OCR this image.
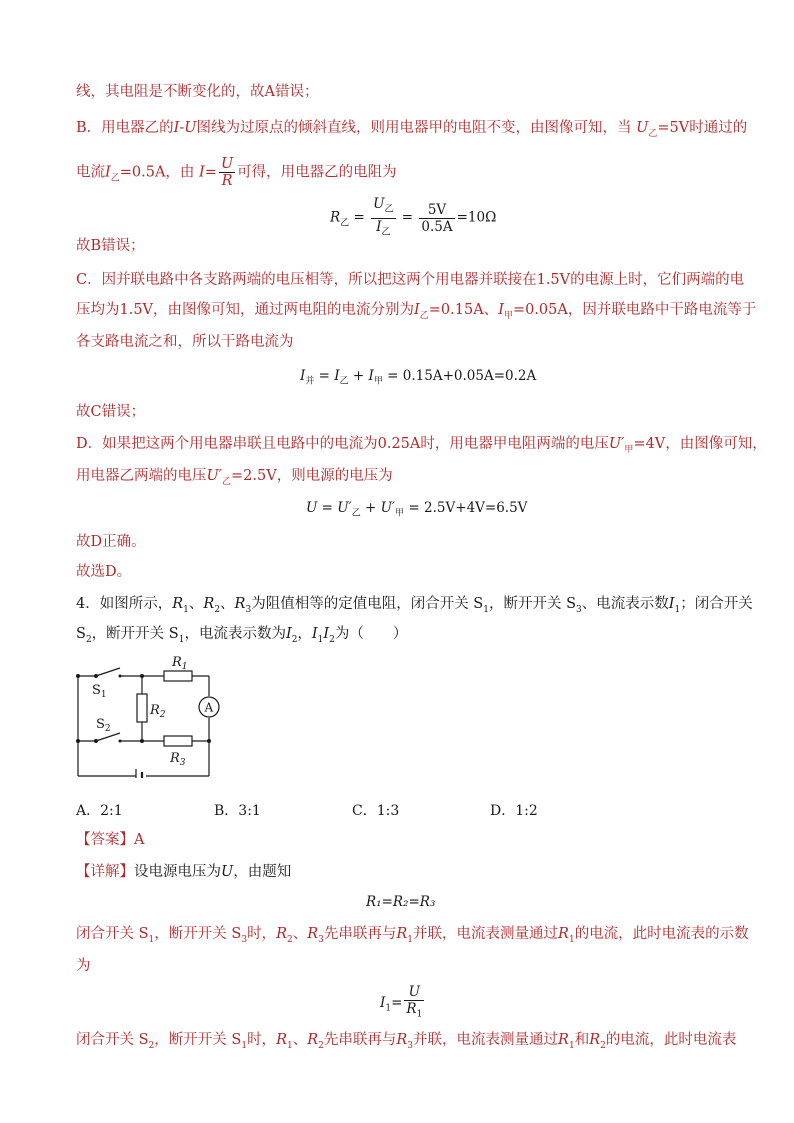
线，其电阻是不断变化的，故A错误；
B．用电器乙的I-U图线为过原点的倾斜直线，则用电器甲的电阻不变，由图像可知，当 $U_乙=5V$时通过的
电流$I_乙=0.5A$，由 $I= \frac{U}{R}$ 可得，用电器乙的电阻为
$R_乙 = \frac{U_乙}{I_乙} = \frac{5V}{0.5A} =10\Omega$
故B错误；
C．因并联电路中各支路两端的电压相等，所以把这两个用电器并联接在1.5V的电源上时，它们两端的电
压均为1.5V，由图像可知，通过两电阻的电流分别为$I_乙=0.15A$、$I_甲=0.05A$，因并联电路中干路电流等于
各支路电流之和，所以干路电流为
$I_并 = I_乙 + I_甲 = 0.15A+0.05A=0.2A$
故C错误；
D．如果把这两个用电器串联且电路中的电流为0.25A时，用电器甲电阻两端的电压$U'_甲=4V$，由图像可知，
用电器乙两端的电压$U'_乙=2.5V$，则电源的电压为
$U = U'_乙 + U'_甲 = 2.5V+4V=6.5V$
故D正确。
故选D。
4．如图所示，$R_1$、$R_2$、$R_3$为阻值相等的定值电阻，闭合开关 $S_1$，断开开关 $S_3$、电流表示数$I_1$；闭合开关
$S_2$，断开开关 $S_1$，电流表示数为$I_2$，$I_1I_2$为（　　）
$S_1$
$S_2$
$R_1$
$R_2$
$R_3$
A
A．2:1	B．3:1	C．1:3	D．1:2
【答案】A
【详解】设电源电压为U，由题知
R₁=R₂=R₃
闭合开关 $S_1$，断开开关 $S_3$时，$R_2$、$R_3$先串联再与$R_1$并联，电流表测量通过$R_1$的电流，此时电流表的示数
为
$I_1= \frac{U}{R_1}$
闭合开关 $S_2$，断开开关 $S_1$时，$R_1$、$R_2$先串联再与$R_3$并联，电流表测量通过$R_1$和$R_2$的电流，此时电流表
